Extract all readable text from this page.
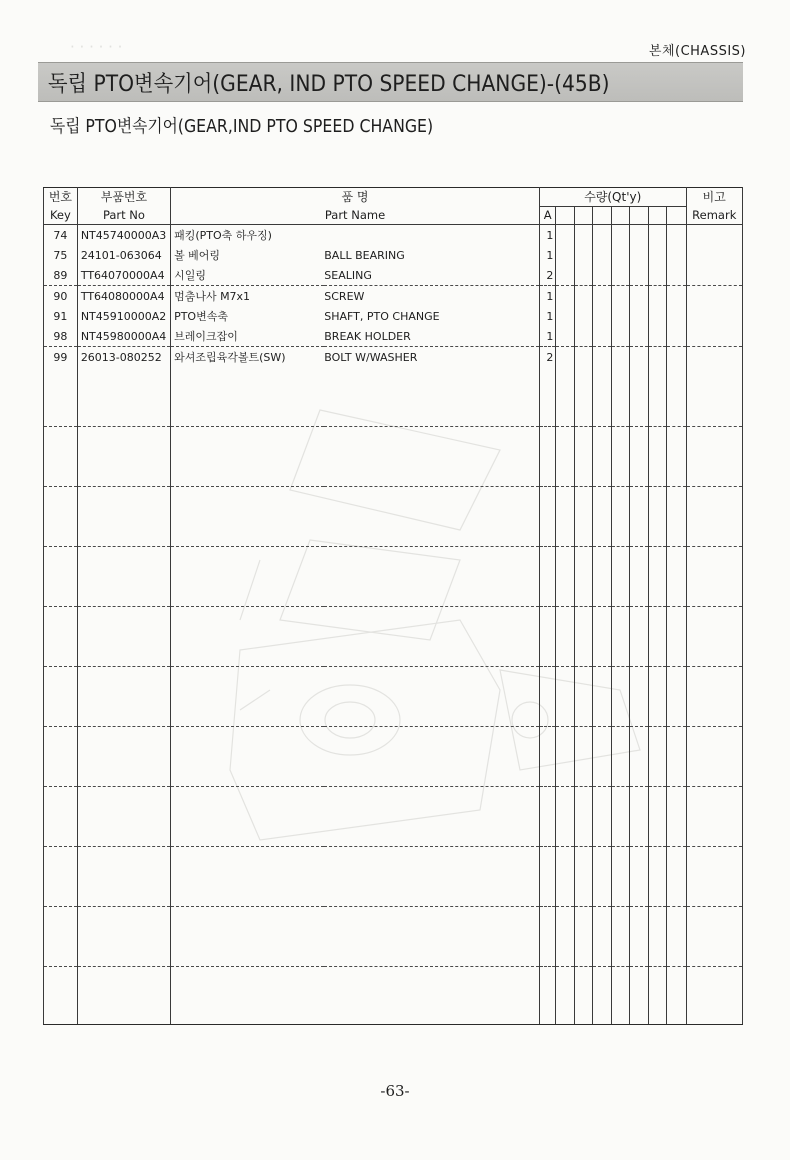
· · · · · ·	본체(CHASSIS)
독립 PTO변속기어(GEAR, IND PTO SPEED CHANGE)-(45B)
독립 PTO변속기어(GEAR,IND PTO SPEED CHANGE)
번호	부품번호	품 명		수량(Qt'y)								비고
Key	Part No	Part Name		A								Remark
74	NT45740000A3	패킹(PTO축 하우징)		1								
75	24101-063064	볼 베어링	BALL BEARING	1								
89	TT64070000A4	시일링	SEALING	2								
90	TT64080000A4	멈춤나사 M7x1	SCREW	1								
91	NT45910000A2	PTO변속축	SHAFT, PTO CHANGE	1								
98	NT45980000A4	브레이크잡이	BREAK HOLDER	1								
99	26013-080252	와셔조립육각볼트(SW)	BOLT W/WASHER	2								

-63-
